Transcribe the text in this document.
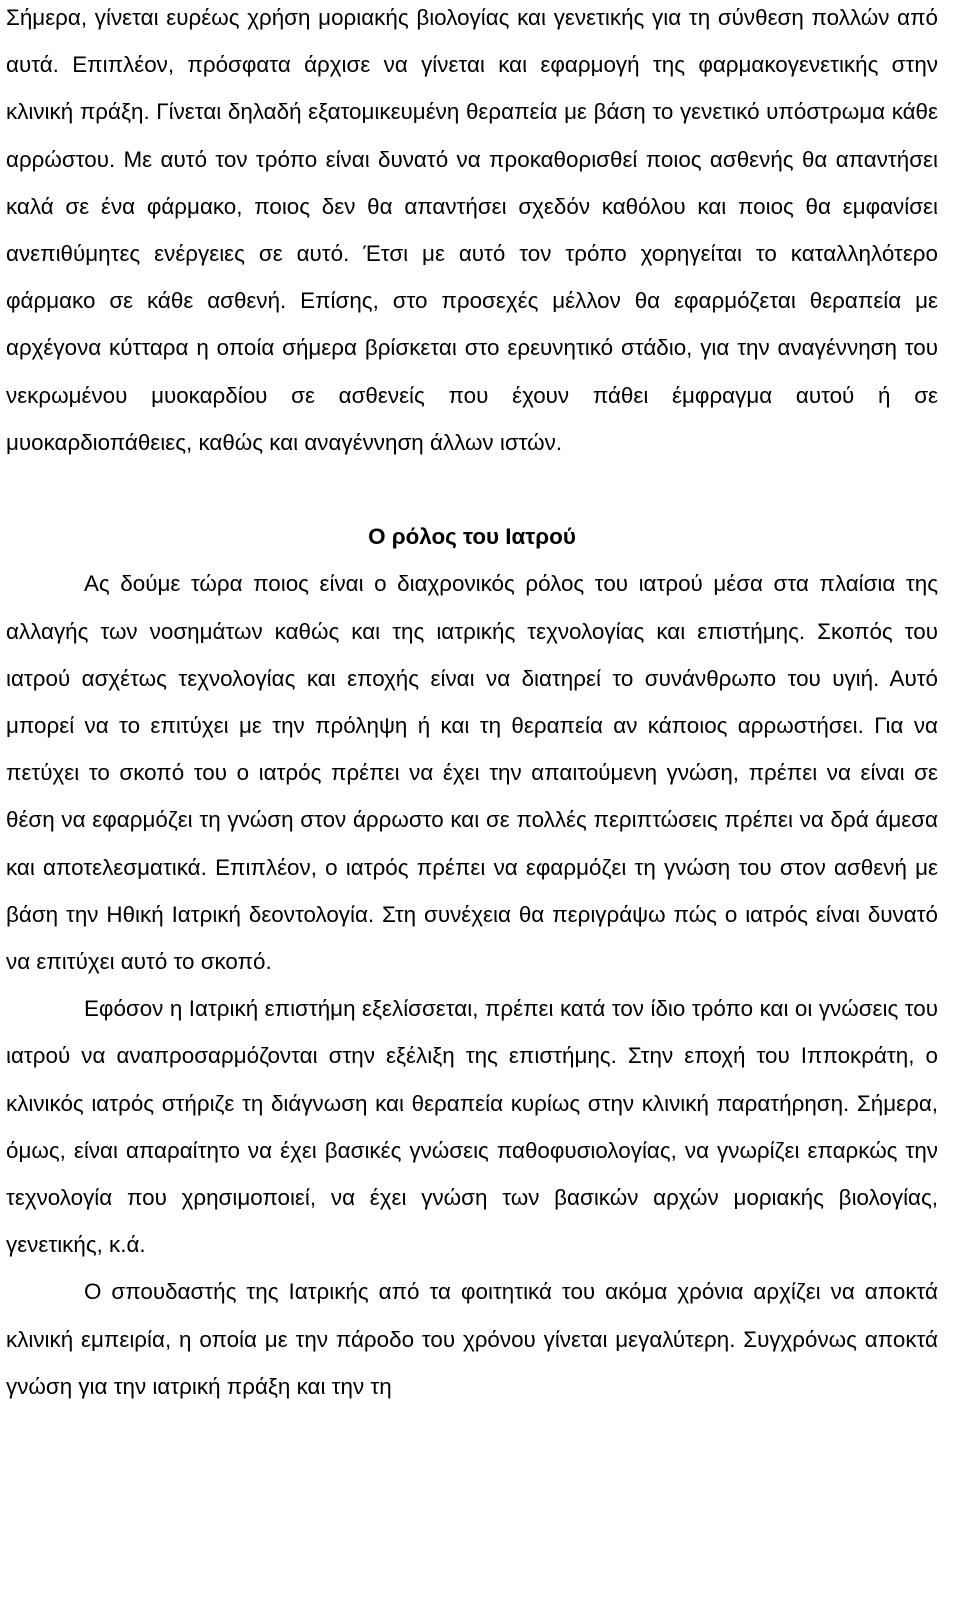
Σήμερα, γίνεται ευρέως χρήση μοριακής βιολογίας και γενετικής για τη σύνθεση πολλών από αυτά. Επιπλέον, πρόσφατα άρχισε να γίνεται και εφαρμογή της φαρμακογενετικής στην κλινική πράξη. Γίνεται δηλαδή εξατομικευμένη θεραπεία με βάση το γενετικό υπόστρωμα κάθε αρρώστου. Με αυτό τον τρόπο είναι δυνατό να προκαθορισθεί ποιος ασθενής θα απαντήσει καλά σε ένα φάρμακο, ποιος δεν θα απαντήσει σχεδόν καθόλου και ποιος θα εμφανίσει ανεπιθύμητες ενέργειες σε αυτό. Έτσι με αυτό τον τρόπο χορηγείται το καταλληλότερο φάρμακο σε κάθε ασθενή. Επίσης, στο προσεχές μέλλον θα εφαρμόζεται θεραπεία με αρχέγονα κύτταρα η οποία σήμερα βρίσκεται στο ερευνητικό στάδιο, για την αναγέννηση του νεκρωμένου μυοκαρδίου σε ασθενείς που έχουν πάθει έμφραγμα αυτού ή σε μυοκαρδιοπάθειες, καθώς και αναγέννηση άλλων ιστών.

Ο ρόλος του Ιατρού

Ας δούμε τώρα ποιος είναι ο διαχρονικός ρόλος του ιατρού μέσα στα πλαίσια της αλλαγής των νοσημάτων καθώς και της ιατρικής τεχνολογίας και επιστήμης. Σκοπός του ιατρού ασχέτως τεχνολογίας και εποχής είναι να διατηρεί το συνάνθρωπο του υγιή. Αυτό μπορεί να το επιτύχει με την πρόληψη ή και τη θεραπεία αν κάποιος αρρωστήσει. Για να πετύχει το σκοπό του ο ιατρός πρέπει να έχει την απαιτούμενη γνώση, πρέπει να είναι σε θέση να εφαρμόζει τη γνώση στον άρρωστο και σε πολλές περιπτώσεις πρέπει να δρά άμεσα και αποτελεσματικά. Επιπλέον, ο ιατρός πρέπει να εφαρμόζει τη γνώση του στον ασθενή με βάση την Ηθική Ιατρική δεοντολογία. Στη συνέχεια θα περιγράψω πώς ο ιατρός είναι δυνατό να επιτύχει αυτό το σκοπό.

Εφόσον η Ιατρική επιστήμη εξελίσσεται, πρέπει κατά τον ίδιο τρόπο και οι γνώσεις του ιατρού να αναπροσαρμόζονται στην εξέλιξη της επιστήμης. Στην εποχή του Ιπποκράτη, ο κλινικός ιατρός στήριζε τη διάγνωση και θεραπεία κυρίως στην κλινική παρατήρηση. Σήμερα, όμως, είναι απαραίτητο να έχει βασικές γνώσεις παθοφυσιολογίας, να γνωρίζει επαρκώς την τεχνολογία που χρησιμοποιεί, να έχει γνώση των βασικών αρχών μοριακής βιολογίας, γενετικής, κ.ά.

Ο σπουδαστής της Ιατρικής από τα φοιτητικά του ακόμα χρόνια αρχίζει να αποκτά κλινική εμπειρία, η οποία με την πάροδο του χρόνου γίνεται μεγαλύτερη. Συγχρόνως αποκτά γνώση για την ιατρική πράξη και την τη
